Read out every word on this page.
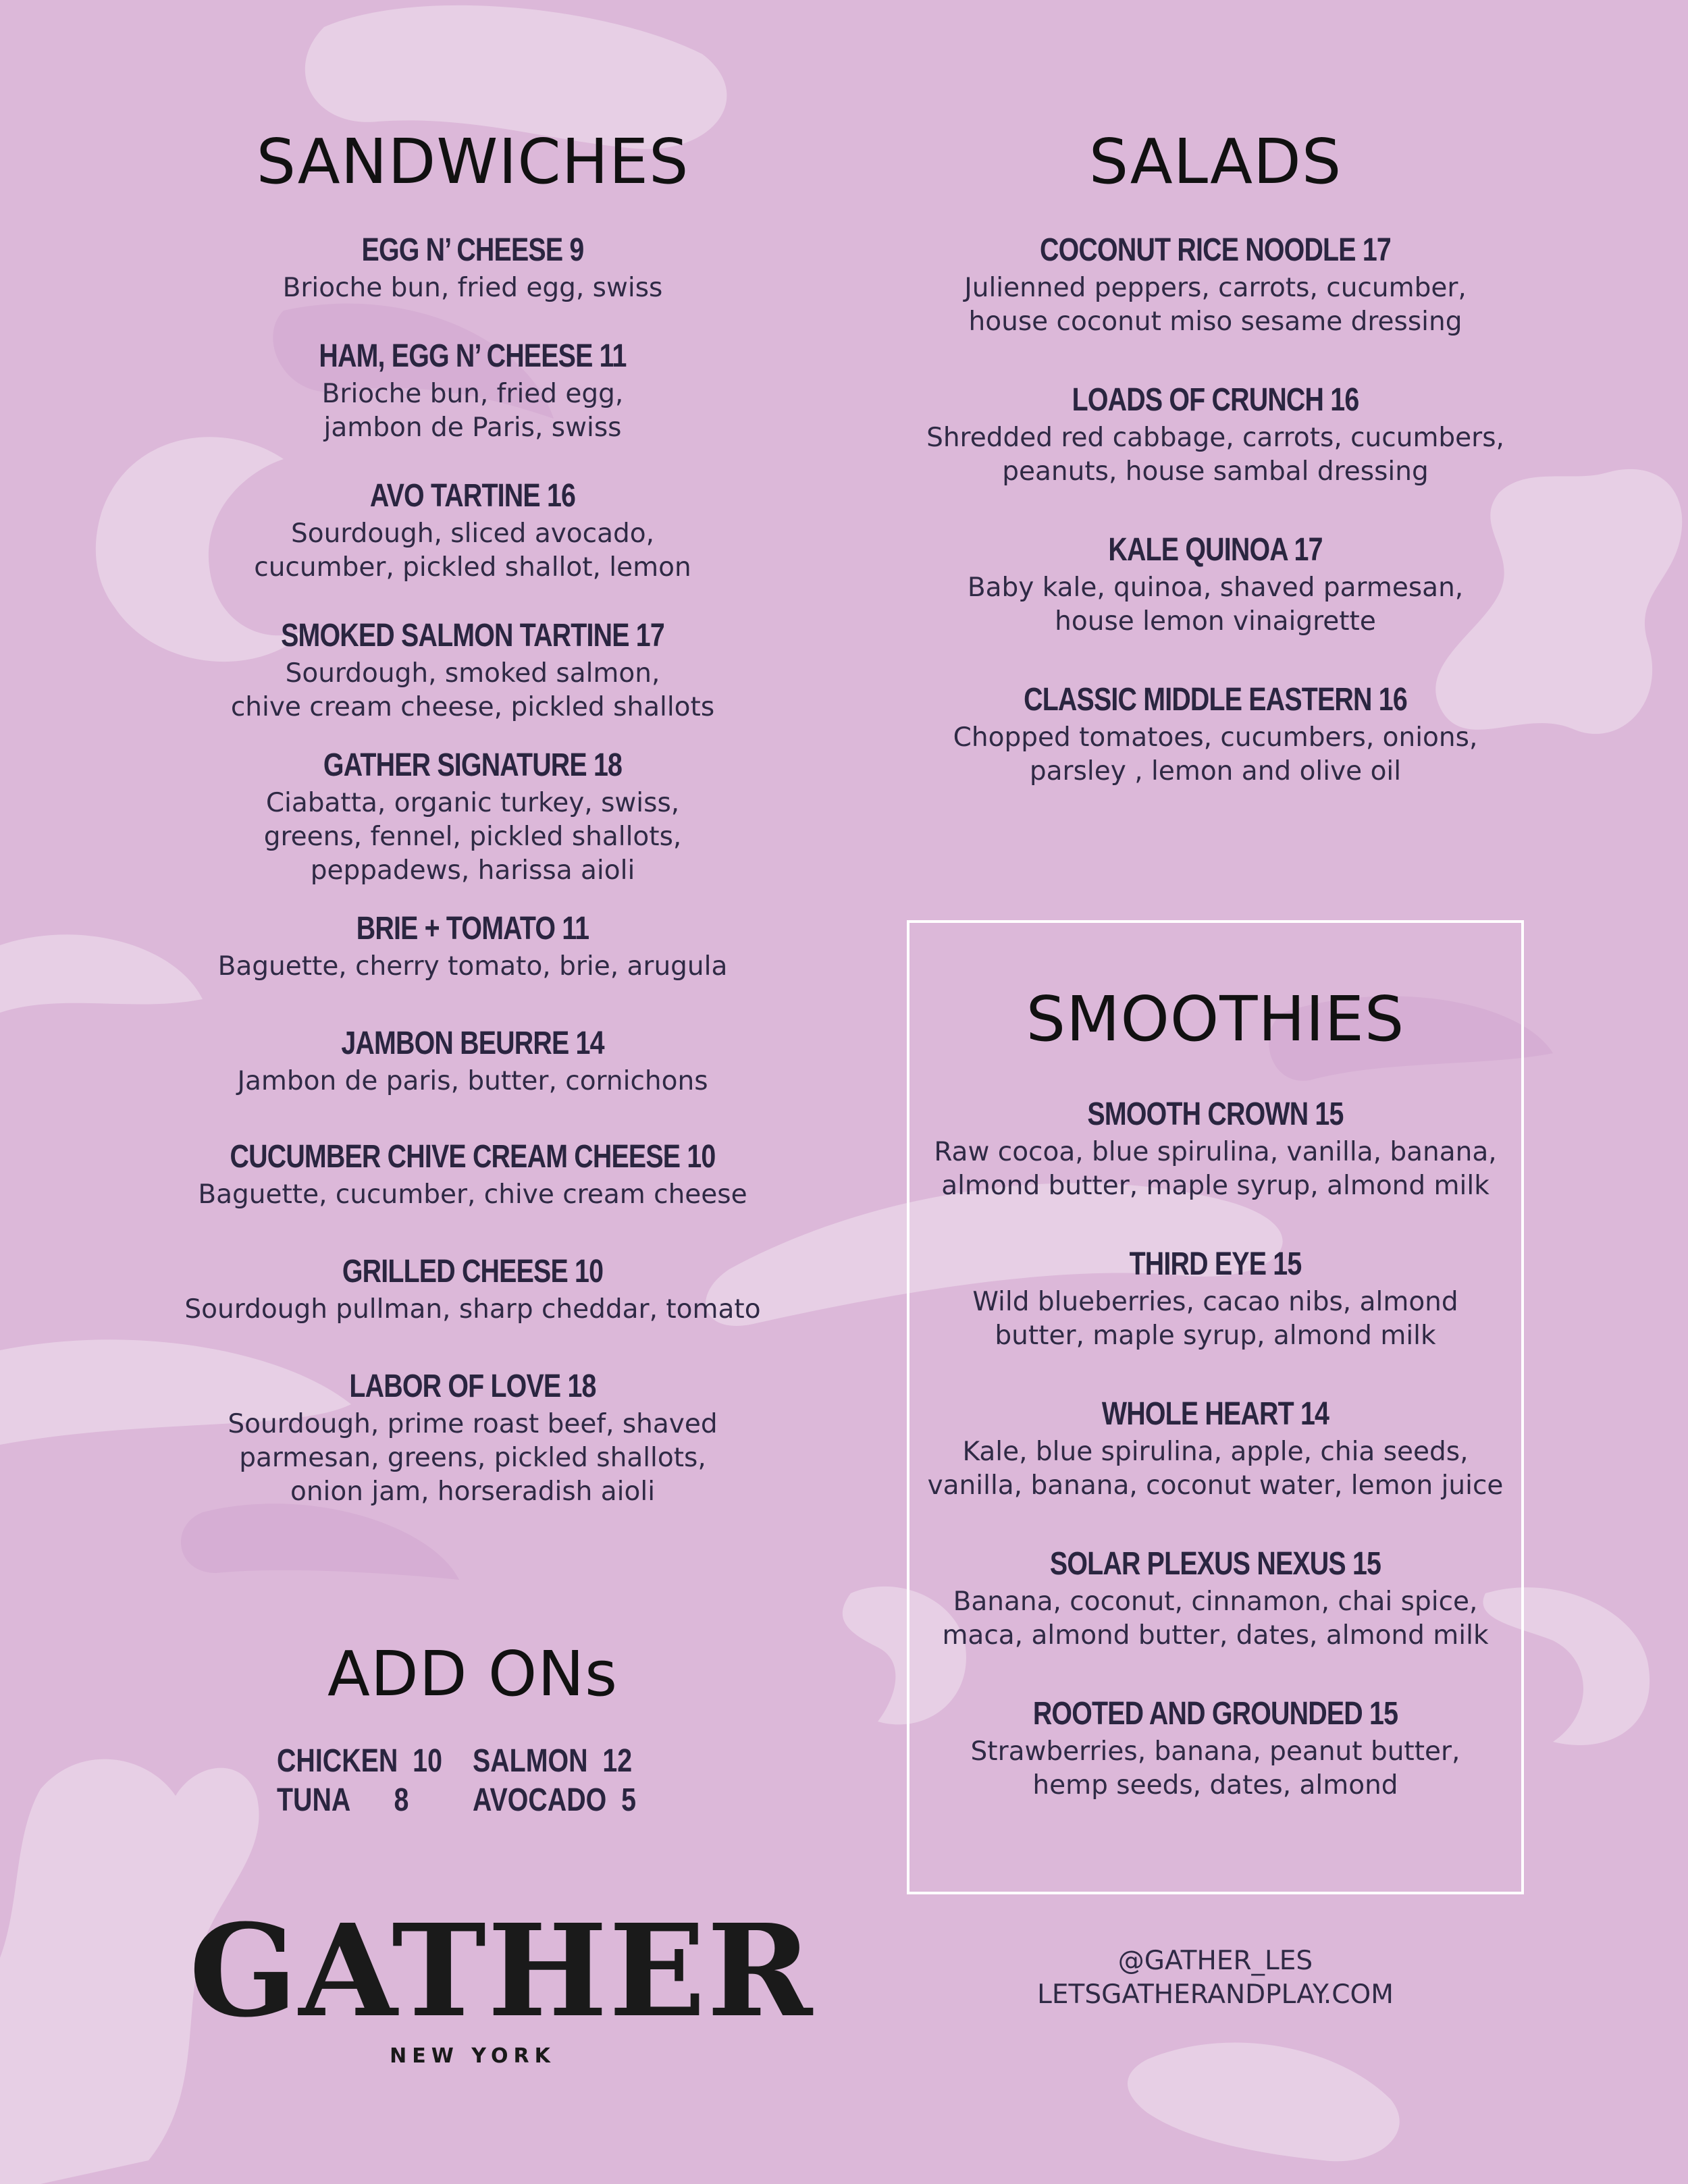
SANDWICHES
EGG N’ CHEESE 9
Brioche bun, fried egg, swiss
HAM, EGG N’ CHEESE 11
Brioche bun, fried egg,
jambon de Paris, swiss
AVO TARTINE 16
Sourdough, sliced avocado,
cucumber, pickled shallot, lemon
SMOKED SALMON TARTINE 17
Sourdough, smoked salmon,
chive cream cheese, pickled shallots
GATHER SIGNATURE 18
Ciabatta, organic turkey, swiss,
greens, fennel, pickled shallots,
peppadews, harissa aioli
BRIE + TOMATO 11
Baguette, cherry tomato, brie, arugula
JAMBON BEURRE 14
Jambon de paris, butter, cornichons
CUCUMBER CHIVE CREAM CHEESE 10
Baguette, cucumber, chive cream cheese
GRILLED CHEESE 10
Sourdough pullman, sharp cheddar, tomato
LABOR OF LOVE 18
Sourdough, prime roast beef, shaved
parmesan, greens, pickled shallots,
onion jam, horseradish aioli
ADD ONs
CHICKEN  10 SALMON  12
TUNA      8	AVOCADO  5
GATHER
NEW YORK
SALADS
COCONUT RICE NOODLE 17
Julienned peppers, carrots, cucumber,
house coconut miso sesame dressing
LOADS OF CRUNCH 16
Shredded red cabbage, carrots, cucumbers,
peanuts, house sambal dressing
KALE QUINOA 17
Baby kale, quinoa, shaved parmesan,
house lemon vinaigrette
CLASSIC MIDDLE EASTERN 16
Chopped tomatoes, cucumbers, onions,
parsley , lemon and olive oil
SMOOTHIES
SMOOTH CROWN 15
Raw cocoa, blue spirulina, vanilla, banana,
almond butter, maple syrup, almond milk
THIRD EYE 15
Wild blueberries, cacao nibs, almond
butter, maple syrup, almond milk
WHOLE HEART 14
Kale, blue spirulina, apple, chia seeds,
vanilla, banana, coconut water, lemon juice
SOLAR PLEXUS NEXUS 15
Banana, coconut, cinnamon, chai spice,
maca, almond butter, dates, almond milk
ROOTED AND GROUNDED 15
Strawberries, banana, peanut butter,
hemp seeds, dates, almond
@GATHER_LES
LETSGATHERANDPLAY.COM
